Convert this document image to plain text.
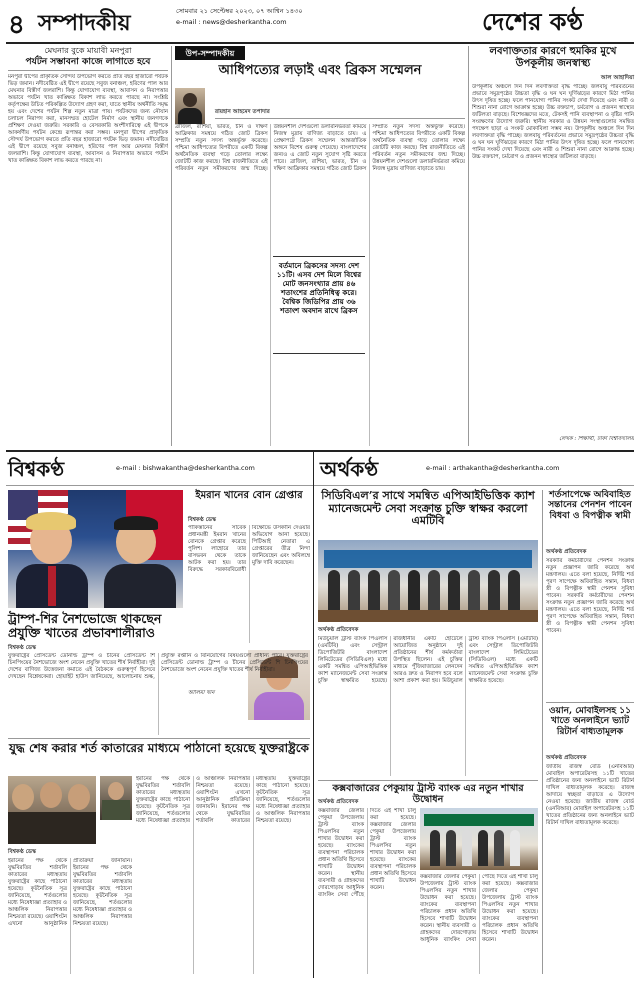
৪ সম্পাদকীয়	সোমবার ২১ সেপ্টেম্বর ২০২৩, ০৭ আশ্বিন ১৪৩০
e-mail : news@desherkantha.com	দেশের কণ্ঠ
মেঘনার বুকে মায়াবী মনপুরা
পর্যটন সম্ভাবনা কাজে লাগাতে হবে
মনপুরা দ্বীপের প্রাকৃতিক সৌন্দর্য উপভোগ করতে প্রতি বছর হাজারো পর্যটক ভিড় জমান। নদীবেষ্টিত এই দ্বীপে রয়েছে সবুজ বনাঞ্চল, হরিণের পাল আর মেঘনার বিস্তীর্ণ জলরাশি। কিন্তু যোগাযোগ ব্যবস্থা, আবাসন ও নিরাপত্তার অভাবে পর্যটন খাত কাঙ্ক্ষিত বিকাশ লাভ করতে পারছে না। সংশ্লিষ্ট কর্তৃপক্ষের উচিত পরিকল্পিত উদ্যোগ গ্রহণ করা, যাতে স্থানীয় অর্থনীতি সমৃদ্ধ হয় এবং দেশের পর্যটন শিল্প নতুন মাত্রা পায়। পর্যটকদের জন্য নৌযান চলাচল নিরাপদ করা, মানসম্মত হোটেল নির্মাণ এবং স্থানীয় জনগণকে প্রশিক্ষণ দেওয়া জরুরি। সরকারি ও বেসরকারি অংশীদারিত্বে এই দ্বীপকে আকর্ষণীয় পর্যটন কেন্দ্রে রূপান্তর করা সম্ভব। মনপুরা দ্বীপের প্রাকৃতিক সৌন্দর্য উপভোগ করতে প্রতি বছর হাজারো পর্যটক ভিড় জমান। নদীবেষ্টিত এই দ্বীপে রয়েছে সবুজ বনাঞ্চল, হরিণের পাল আর মেঘনার বিস্তীর্ণ জলরাশি। কিন্তু যোগাযোগ ব্যবস্থা, আবাসন ও নিরাপত্তার অভাবে পর্যটন খাত কাঙ্ক্ষিত বিকাশ লাভ করতে পারছে না।
উপ-সম্পাদকীয়
আধিপত্যের লড়াই এবং ব্রিকস সম্মেলন
রায়হান আহমেদ তপাদার
ব্রাজিল, রাশিয়া, ভারত, চীন ও দক্ষিণ আফ্রিকার সমন্বয়ে গঠিত জোট ব্রিকস সম্প্রতি নতুন সদস্য অন্তর্ভুক্ত করেছে। পশ্চিমা আধিপত্যের বিপরীতে একটি বিকল্প অর্থনৈতিক ব্যবস্থা গড়ে তোলার লক্ষ্যে জোটটি কাজ করছে। বিশ্ব রাজনীতিতে এই পরিবর্তন নতুন সমীকরণের জন্ম দিচ্ছে। উন্নয়নশীল দেশগুলো ডলারনির্ভরতা কমিয়ে নিজস্ব মুদ্রায় বাণিজ্য বাড়াতে চায়। এ প্রেক্ষাপটে ব্রিকস সম্মেলন আন্তর্জাতিক অঙ্গনে বিশেষ গুরুত্ব পেয়েছে। বাংলাদেশের জন্যও এ জোট নতুন সুযোগ সৃষ্টি করতে পারে। ব্রাজিল, রাশিয়া, ভারত, চীন ও দক্ষিণ আফ্রিকার সমন্বয়ে গঠিত জোট ব্রিকস সম্প্রতি নতুন সদস্য অন্তর্ভুক্ত করেছে। পশ্চিমা আধিপত্যের বিপরীতে একটি বিকল্প অর্থনৈতিক ব্যবস্থা গড়ে তোলার লক্ষ্যে জোটটি কাজ করছে। বিশ্ব রাজনীতিতে এই পরিবর্তন নতুন সমীকরণের জন্ম দিচ্ছে। উন্নয়নশীল দেশগুলো ডলারনির্ভরতা কমিয়ে নিজস্ব মুদ্রায় বাণিজ্য বাড়াতে চায়।
বর্তমানে ব্রিকসের সদস্য দেশ ১১টি। এসব দেশ মিলে বিশ্বের মোট জনসংখ্যার প্রায় ৪৬ শতাংশের প্রতিনিধিত্ব করে। বৈশ্বিক জিডিপির প্রায় ৩৬ শতাংশ অবদান রাখে ব্রিকস
লবণাক্ততার কারণে হুমকির মুখে উপকূলীয় জনস্বাস্থ্য
আল আহাদিয়া
উপকূলীয় অঞ্চলে দিন দিন লবণাক্ততা বৃদ্ধি পাচ্ছে। জলবায়ু পরিবর্তনের প্রভাবে সমুদ্রপৃষ্ঠের উচ্চতা বৃদ্ধি ও ঘন ঘন ঘূর্ণিঝড়ের কারণে মিঠা পানির উৎস দূষিত হচ্ছে। ফলে পানযোগ্য পানির সংকট দেখা দিয়েছে এবং নারী ও শিশুরা নানা রোগে আক্রান্ত হচ্ছে। উচ্চ রক্তচাপ, চর্মরোগ ও প্রজনন স্বাস্থ্যের জটিলতা বাড়ছে। বিশেষজ্ঞদের মতে, টেকসই পানি ব্যবস্থাপনা ও বৃষ্টির পানি সংরক্ষণের উদ্যোগ জরুরি। স্থানীয় সরকার ও উন্নয়ন সংস্থাগুলোর সমন্বিত পদক্ষেপ ছাড়া এ সংকট মোকাবিলা সম্ভব নয়। উপকূলীয় অঞ্চলে দিন দিন লবণাক্ততা বৃদ্ধি পাচ্ছে। জলবায়ু পরিবর্তনের প্রভাবে সমুদ্রপৃষ্ঠের উচ্চতা বৃদ্ধি ও ঘন ঘন ঘূর্ণিঝড়ের কারণে মিঠা পানির উৎস দূষিত হচ্ছে। ফলে পানযোগ্য পানির সংকট দেখা দিয়েছে এবং নারী ও শিশুরা নানা রোগে আক্রান্ত হচ্ছে। উচ্চ রক্তচাপ, চর্মরোগ ও প্রজনন স্বাস্থ্যের জটিলতা বাড়ছে।
লেখক : শিক্ষার্থী, ঢাকা বিশ্ববিদ্যালয়
বিশ্বকণ্ঠ	e-mail : bishwakantha@desherkantha.com	অর্থকণ্ঠ	e-mail : arthakantha@desherkantha.com
ইমরান খানের বোন গ্রেপ্তার
বিশ্বকণ্ঠ ডেস্ক
পাকিস্তানের সাবেক প্রধানমন্ত্রী ইমরান খানের বোনকে গ্রেপ্তার করেছে পুলিশ। লাহোরে তার বাসভবন থেকে তাকে আটক করা হয়। তার বিরুদ্ধে সরকারবিরোধী বিক্ষোভে উসকানি দেওয়ার অভিযোগ আনা হয়েছে। পিটিআই নেতারা এ গ্রেপ্তারের তীব্র নিন্দা জানিয়েছেন এবং অবিলম্বে মুক্তি দাবি করেছেন।
আলিমা খান
ট্রাম্প-শির নৈশভোজে থাকছেন প্রযুক্তি খাতের প্রভাবশালীরাও
বিশ্বকণ্ঠ ডেস্ক
যুক্তরাষ্ট্রের প্রেসিডেন্ট ডোনাল্ড ট্রাম্প ও চীনের প্রেসিডেন্ট শি চিনপিংয়ের নৈশভোজে অংশ নেবেন প্রযুক্তি খাতের শীর্ষ নির্বাহীরা। দুই দেশের বাণিজ্য উত্তেজনা কমাতে এই বৈঠককে গুরুত্বপূর্ণ হিসেবে দেখছেন বিশ্লেষকেরা। হোয়াইট হাউস জানিয়েছে, আলোচনায় শুল্ক, প্রযুক্তি রপ্তানি ও বিনিয়োগের বিষয়গুলো প্রাধান্য পাবে। যুক্তরাষ্ট্রের প্রেসিডেন্ট ডোনাল্ড ট্রাম্প ও চীনের প্রেসিডেন্ট শি চিনপিংয়ের নৈশভোজে অংশ নেবেন প্রযুক্তি খাতের শীর্ষ নির্বাহীরা।
যুদ্ধ শেষ করার শর্ত কাতারের মাধ্যমে পাঠানো হয়েছে যুক্তরাষ্ট্রকে
বিশ্বকণ্ঠ ডেস্ক
ইরানের পক্ষ থেকে যুদ্ধবিরতির শর্তাবলি কাতারের মধ্যস্থতায় যুক্তরাষ্ট্রের কাছে পাঠানো হয়েছে। কূটনৈতিক সূত্র জানিয়েছে, শর্তগুলোর মধ্যে নিষেধাজ্ঞা প্রত্যাহার ও আঞ্চলিক নিরাপত্তার নিশ্চয়তা রয়েছে। ওয়াশিংটন এখনো আনুষ্ঠানিক প্রতিক্রিয়া জানায়নি। ইরানের পক্ষ থেকে যুদ্ধবিরতির শর্তাবলি কাতারের মধ্যস্থতায় যুক্তরাষ্ট্রের কাছে পাঠানো হয়েছে। কূটনৈতিক সূত্র জানিয়েছে, শর্তগুলোর মধ্যে নিষেধাজ্ঞা প্রত্যাহার ও আঞ্চলিক নিরাপত্তার নিশ্চয়তা রয়েছে।
ইরানের পক্ষ থেকে যুদ্ধবিরতির শর্তাবলি কাতারের মধ্যস্থতায় যুক্তরাষ্ট্রের কাছে পাঠানো হয়েছে। কূটনৈতিক সূত্র জানিয়েছে, শর্তগুলোর মধ্যে নিষেধাজ্ঞা প্রত্যাহার ও আঞ্চলিক নিরাপত্তার নিশ্চয়তা রয়েছে। ওয়াশিংটন এখনো আনুষ্ঠানিক প্রতিক্রিয়া জানায়নি। ইরানের পক্ষ থেকে যুদ্ধবিরতির শর্তাবলি কাতারের মধ্যস্থতায় যুক্তরাষ্ট্রের কাছে পাঠানো হয়েছে। কূটনৈতিক সূত্র জানিয়েছে, শর্তগুলোর মধ্যে নিষেধাজ্ঞা প্রত্যাহার ও আঞ্চলিক নিরাপত্তার নিশ্চয়তা রয়েছে।
সিডিবিএল’র সাথে সমন্বিত এপিআইভিত্তিক ক্যাশ ম্যানেজমেন্ট সেবা সংক্রান্ত চুক্তি স্বাক্ষর করলো এমটিবি
অর্থকণ্ঠ প্রতিবেদক
মিউচুয়াল ট্রাস্ট ব্যাংক পিএলসি (এমটিবি) এবং সেন্ট্রাল ডিপোজিটরি বাংলাদেশ লিমিটেডের (সিডিবিএল) মধ্যে একটি সমন্বিত এপিআইভিত্তিক ক্যাশ ম্যানেজমেন্ট সেবা সংক্রান্ত চুক্তি স্বাক্ষরিত হয়েছে। রাজধানীর একটি হোটেলে আয়োজিত অনুষ্ঠানে দুই প্রতিষ্ঠানের শীর্ষ কর্মকর্তারা উপস্থিত ছিলেন। এই চুক্তির মাধ্যমে পুঁজিবাজারের লেনদেন আরও দ্রুত ও নিরাপদ হবে বলে আশা প্রকাশ করা হয়। মিউচুয়াল ট্রাস্ট ব্যাংক পিএলসি (এমটিবি) এবং সেন্ট্রাল ডিপোজিটরি বাংলাদেশ লিমিটেডের (সিডিবিএল) মধ্যে একটি সমন্বিত এপিআইভিত্তিক ক্যাশ ম্যানেজমেন্ট সেবা সংক্রান্ত চুক্তি স্বাক্ষরিত হয়েছে।
কক্সবাজারের পেকুয়ায় ট্রাস্ট ব্যাংক এর নতুন শাখার উদ্বোধন
অর্থকণ্ঠ প্রতিবেদক
কক্সবাজার জেলার পেকুয়া উপজেলায় ট্রাস্ট ব্যাংক পিএলসির নতুন শাখার উদ্বোধন করা হয়েছে। ব্যাংকের ব্যবস্থাপনা পরিচালক প্রধান অতিথি হিসেবে শাখাটি উদ্বোধন করেন। স্থানীয় ব্যবসায়ী ও গ্রাহকদের দোরগোড়ায় আধুনিক ব্যাংকিং সেবা পৌঁছে দিতে এই শাখা চালু করা হয়েছে। কক্সবাজার জেলার পেকুয়া উপজেলায় ট্রাস্ট ব্যাংক পিএলসির নতুন শাখার উদ্বোধন করা হয়েছে। ব্যাংকের ব্যবস্থাপনা পরিচালক প্রধান অতিথি হিসেবে শাখাটি উদ্বোধন করেন।
কক্সবাজার জেলার পেকুয়া উপজেলায় ট্রাস্ট ব্যাংক পিএলসির নতুন শাখার উদ্বোধন করা হয়েছে। ব্যাংকের ব্যবস্থাপনা পরিচালক প্রধান অতিথি হিসেবে শাখাটি উদ্বোধন করেন। স্থানীয় ব্যবসায়ী ও গ্রাহকদের দোরগোড়ায় আধুনিক ব্যাংকিং সেবা পৌঁছে দিতে এই শাখা চালু করা হয়েছে। কক্সবাজার জেলার পেকুয়া উপজেলায় ট্রাস্ট ব্যাংক পিএলসির নতুন শাখার উদ্বোধন করা হয়েছে। ব্যাংকের ব্যবস্থাপনা পরিচালক প্রধান অতিথি হিসেবে শাখাটি উদ্বোধন করেন।
শর্তসাপেক্ষে অবিবাহিত সন্তানের পেনশন পাবেন বিধবা ও বিপত্নীক স্বামী
অর্থকণ্ঠ প্রতিবেদক
সরকারি কর্মচারীদের পেনশন সংক্রান্ত নতুন প্রজ্ঞাপন জারি করেছে অর্থ মন্ত্রণালয়। এতে বলা হয়েছে, নির্দিষ্ট শর্ত পূরণ সাপেক্ষে অবিবাহিত সন্তান, বিধবা স্ত্রী ও বিপত্নীক স্বামী পেনশন সুবিধা পাবেন। সরকারি কর্মচারীদের পেনশন সংক্রান্ত নতুন প্রজ্ঞাপন জারি করেছে অর্থ মন্ত্রণালয়। এতে বলা হয়েছে, নির্দিষ্ট শর্ত পূরণ সাপেক্ষে অবিবাহিত সন্তান, বিধবা স্ত্রী ও বিপত্নীক স্বামী পেনশন সুবিধা পাবেন।
ওয়ান, মোবাইলসহ ১১ খাতে অনলাইনে ভ্যাট রিটার্ন বাধ্যতামূলক
অর্থকণ্ঠ প্রতিবেদক
জাতীয় রাজস্ব বোর্ড (এনবিআর) মোবাইল অপারেটরসহ ১১টি খাতের প্রতিষ্ঠানের জন্য অনলাইনে ভ্যাট রিটার্ন দাখিল বাধ্যতামূলক করেছে। রাজস্ব আদায়ে স্বচ্ছতা বাড়াতে এ উদ্যোগ নেওয়া হয়েছে। জাতীয় রাজস্ব বোর্ড (এনবিআর) মোবাইল অপারেটরসহ ১১টি খাতের প্রতিষ্ঠানের জন্য অনলাইনে ভ্যাট রিটার্ন দাখিল বাধ্যতামূলক করেছে।
